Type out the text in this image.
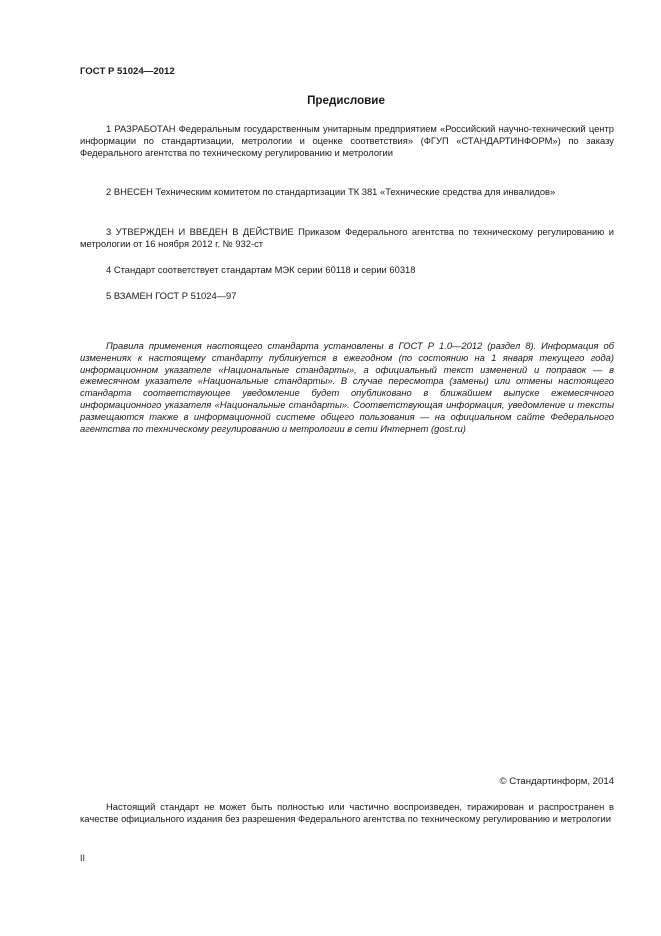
ГОСТ Р 51024—2012
Предисловие

1 РАЗРАБОТАН Федеральным государственным унитарным предприятием «Российский научно-технический центр информации по стандартизации, метрологии и оценке соответствия» (ФГУП «СТАНДАРТИНФОРМ») по заказу Федерального агентства по техническому регулированию и метрологии

2 ВНЕСЕН Техническим комитетом по стандартизации ТК 381 «Технические средства для инвалидов»

3 УТВЕРЖДЕН И ВВЕДЕН В ДЕЙСТВИЕ Приказом Федерального агентства по техническому регулированию и метрологии от 16 ноября 2012 г. № 932-ст

4 Стандарт соответствует стандартам МЭК серии 60118 и серии 60318

5 ВЗАМЕН ГОСТ Р 51024—97

Правила применения настоящего стандарта установлены в ГОСТ Р 1.0—2012 (раздел 8). Информация об изменениях к настоящему стандарту публикуется в ежегодном (по состоянию на 1 января текущего года) информационном указателе «Национальные стандарты», а официальный текст изменений и поправок — в ежемесячном указателе «Национальные стандарты». В случае пересмотра (замены) или отмены настоящего стандарта соответствующее уведомление будет опубликовано в ближайшем выпуске ежемесячного информационного указателя «Национальные стандарты». Соответствующая информация, уведомление и тексты размещаются также в информационной системе общего пользования — на официальном сайте Федерального агентства по техническому регулированию и метрологии в сети Интернет (gost.ru)

© Стандартинформ, 2014

Настоящий стандарт не может быть полностью или частично воспроизведен, тиражирован и распространен в качестве официального издания без разрешения Федерального агентства по техническому регулированию и метрологии

II
